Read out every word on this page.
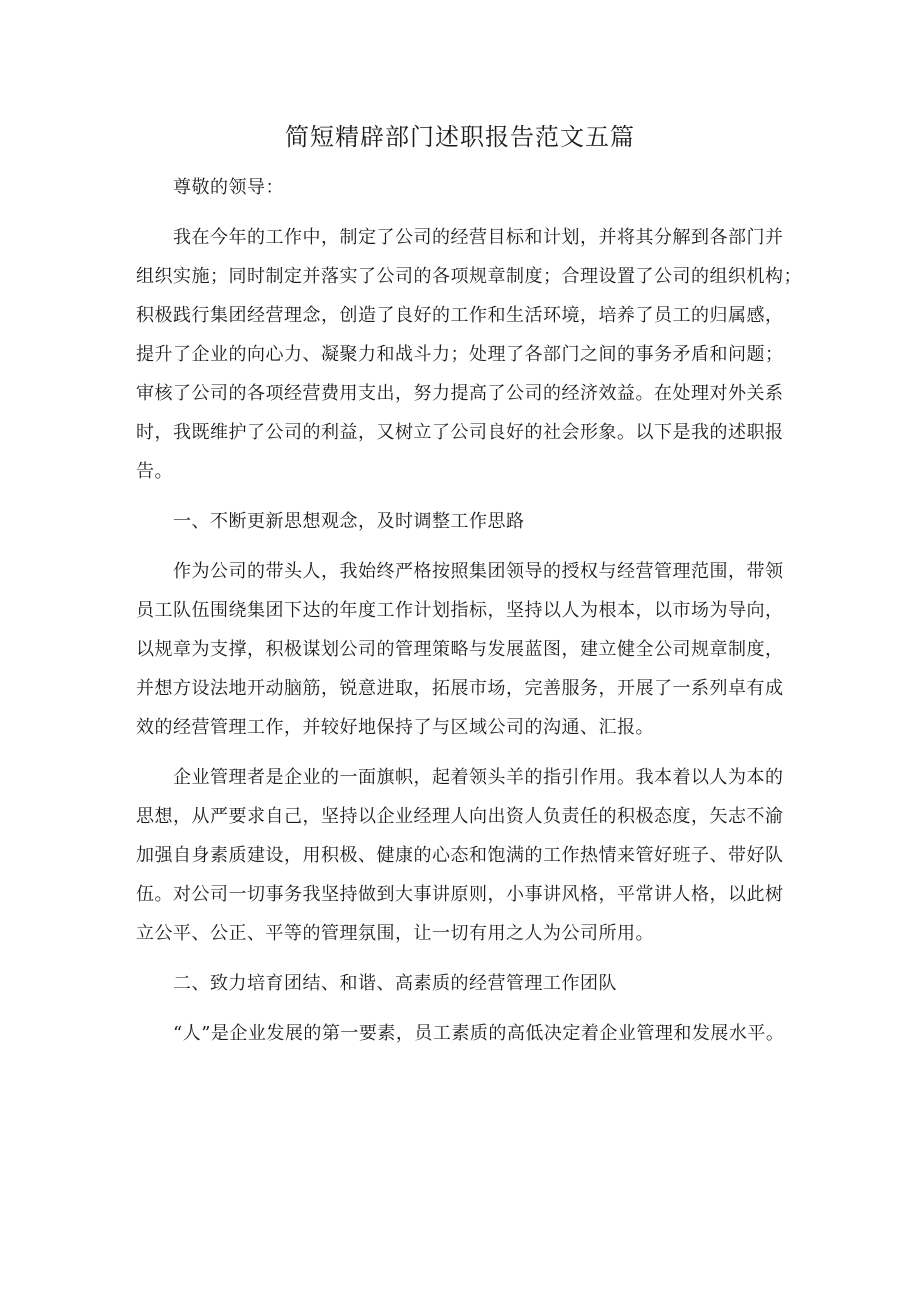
简短精辟部门述职报告范文五篇
尊敬的领导：
我在今年的工作中，制定了公司的经营目标和计划，并将其分解到各部门并
组织实施；同时制定并落实了公司的各项规章制度；合理设置了公司的组织机构；
积极践行集团经营理念，创造了良好的工作和生活环境，培养了员工的归属感，
提升了企业的向心力、凝聚力和战斗力；处理了各部门之间的事务矛盾和问题；
审核了公司的各项经营费用支出，努力提高了公司的经济效益。在处理对外关系
时，我既维护了公司的利益，又树立了公司良好的社会形象。以下是我的述职报
告。
一、不断更新思想观念，及时调整工作思路
作为公司的带头人，我始终严格按照集团领导的授权与经营管理范围，带领
员工队伍围绕集团下达的年度工作计划指标，坚持以人为根本，以市场为导向，
以规章为支撑，积极谋划公司的管理策略与发展蓝图，建立健全公司规章制度，
并想方设法地开动脑筋，锐意进取，拓展市场，完善服务，开展了一系列卓有成
效的经营管理工作，并较好地保持了与区域公司的沟通、汇报。
企业管理者是企业的一面旗帜，起着领头羊的指引作用。我本着以人为本的
思想，从严要求自己，坚持以企业经理人向出资人负责任的积极态度，矢志不渝
加强自身素质建设，用积极、健康的心态和饱满的工作热情来管好班子、带好队
伍。对公司一切事务我坚持做到大事讲原则，小事讲风格，平常讲人格，以此树
立公平、公正、平等的管理氛围，让一切有用之人为公司所用。
二、致力培育团结、和谐、高素质的经营管理工作团队
“人”是企业发展的第一要素，员工素质的高低决定着企业管理和发展水平。
